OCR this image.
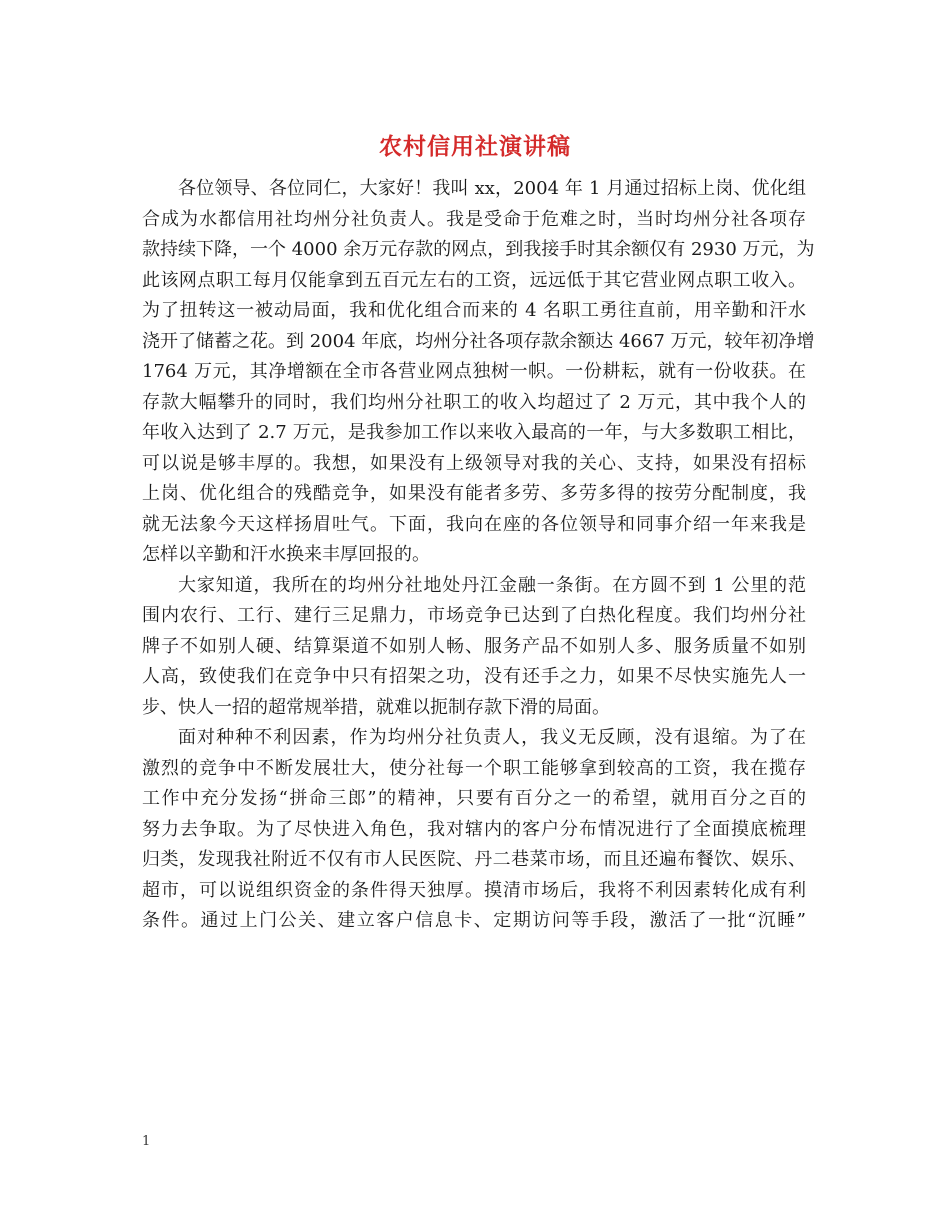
农村信用社演讲稿
各位领导、各位同仁，大家好！我叫 xx，2004 年 1 月通过招标上岗、优化组
合成为水都信用社均州分社负责人。我是受命于危难之时，当时均州分社各项存
款持续下降，一个 4000 余万元存款的网点，到我接手时其余额仅有 2930 万元，为
此该网点职工每月仅能拿到五百元左右的工资，远远低于其它营业网点职工收入。
为了扭转这一被动局面，我和优化组合而来的 4 名职工勇往直前，用辛勤和汗水
浇开了储蓄之花。到 2004 年底，均州分社各项存款余额达 4667 万元，较年初净增
1764 万元，其净增额在全市各营业网点独树一帜。一份耕耘，就有一份收获。在
存款大幅攀升的同时，我们均州分社职工的收入均超过了 2 万元，其中我个人的
年收入达到了 2.7 万元，是我参加工作以来收入最高的一年，与大多数职工相比，
可以说是够丰厚的。我想，如果没有上级领导对我的关心、支持，如果没有招标
上岗、优化组合的残酷竞争，如果没有能者多劳、多劳多得的按劳分配制度，我
就无法象今天这样扬眉吐气。下面，我向在座的各位领导和同事介绍一年来我是
怎样以辛勤和汗水换来丰厚回报的。
大家知道，我所在的均州分社地处丹江金融一条街。在方圆不到 1 公里的范
围内农行、工行、建行三足鼎力，市场竞争已达到了白热化程度。我们均州分社
牌子不如别人硬、结算渠道不如别人畅、服务产品不如别人多、服务质量不如别
人高，致使我们在竞争中只有招架之功，没有还手之力，如果不尽快实施先人一
步、快人一招的超常规举措，就难以扼制存款下滑的局面。
面对种种不利因素，作为均州分社负责人，我义无反顾，没有退缩。为了在
激烈的竞争中不断发展壮大，使分社每一个职工能够拿到较高的工资，我在揽存
工作中充分发扬“拼命三郎”的精神，只要有百分之一的希望，就用百分之百的
努力去争取。为了尽快进入角色，我对辖内的客户分布情况进行了全面摸底梳理
归类，发现我社附近不仅有市人民医院、丹二巷菜市场，而且还遍布餐饮、娱乐、
超市，可以说组织资金的条件得天独厚。摸清市场后，我将不利因素转化成有利
条件。通过上门公关、建立客户信息卡、定期访问等手段，激活了一批“沉睡”
1
